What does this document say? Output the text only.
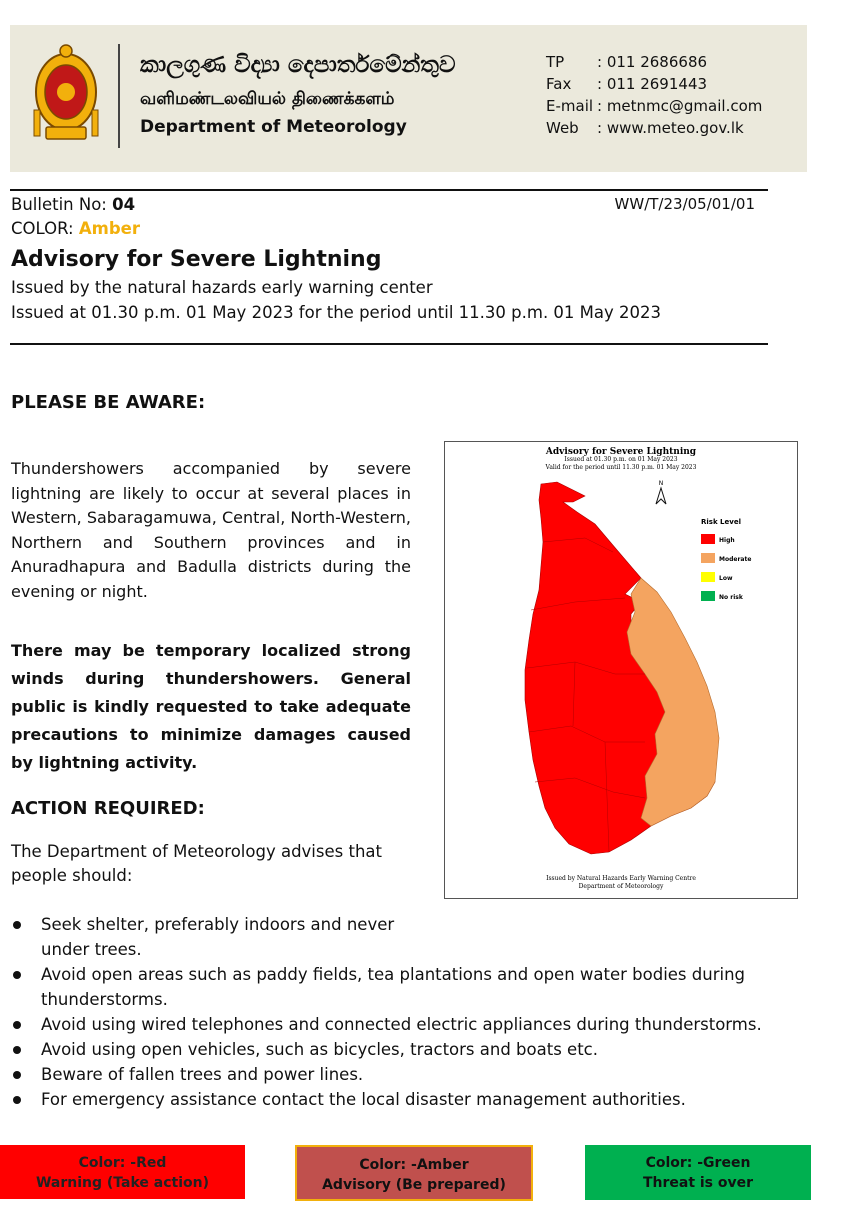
කාලගුණ විද්‍යා දෙපාර්තමේන්තුව
வளிமண்டலவியல் திணைக்களம்
Department of Meteorology
TP : 011 2686686
Fax : 011 2691443
E-mail : metnmc@gmail.com
Web : www.meteo.gov.lk
Bulletin No: 04	WW/T/23/05/01/01
COLOR: Amber
Advisory for Severe Lightning
Issued by the natural hazards early warning center
Issued at 01.30 p.m. 01 May 2023 for the period until 11.30 p.m. 01 May 2023
PLEASE BE AWARE:
Thundershowers accompanied by severe lightning are likely to occur at several places in Western, Sabaragamuwa, Central, North-Western, Northern and Southern provinces and in Anuradhapura and Badulla districts during the evening or night.
There may be temporary localized strong winds during thundershowers. General public is kindly requested to take adequate precautions to minimize damages caused by lightning activity.
ACTION REQUIRED:
The Department of Meteorology advises that people should:
Seek shelter, preferably indoors and never under trees.
Avoid open areas such as paddy fields, tea plantations and open water bodies during thunderstorms.
Avoid using wired telephones and connected electric appliances during thunderstorms.
Avoid using open vehicles, such as bicycles, tractors and boats etc.
Beware of fallen trees and power lines.
For emergency assistance contact the local disaster management authorities.
Advisory for Severe Lightning
Issued at 01.30 p.m. on 01 May 2023
Valid for the period until 11.30 p.m. 01 May 2023
N
Risk Level
High
Moderate
Low
No risk
Issued by Natural Hazards Early Warning Centre
Department of Meteorology
Color: -Red
Warning (Take action)
Color: -Amber
Advisory (Be prepared)
Color: -Green
Threat is over
